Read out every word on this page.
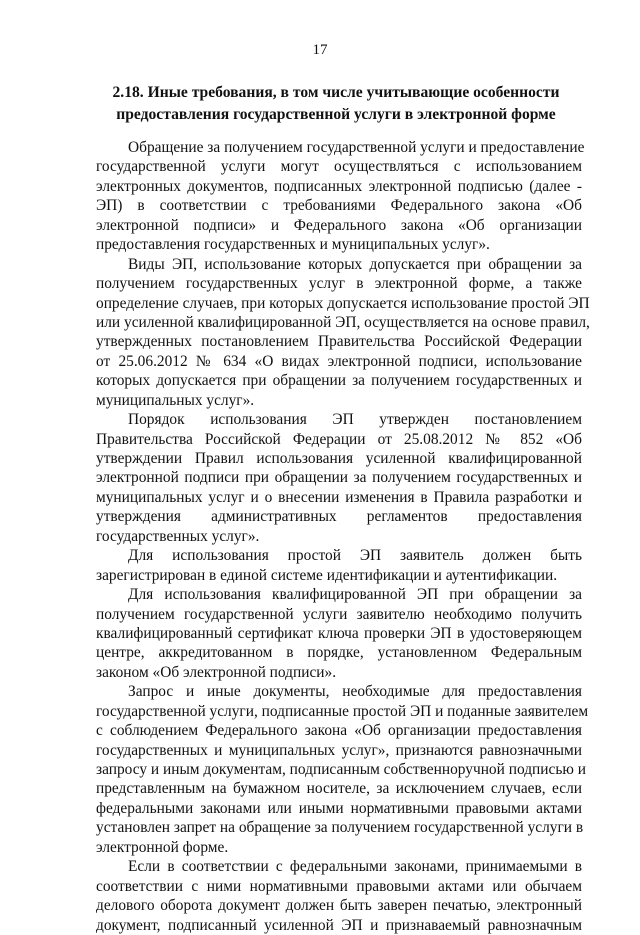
17
2.18. Иные требования, в том числе учитывающие особенности
предоставления государственной услуги в электронной форме
Обращение за получением государственной услуги и предоставление
государственной услуги могут осуществляться с использованием
электронных документов, подписанных электронной подписью (далее -
ЭП) в соответствии с требованиями Федерального закона «Об
электронной подписи» и Федерального закона «Об организации
предоставления государственных и муниципальных услуг».
Виды ЭП, использование которых допускается при обращении за
получением государственных услуг в электронной форме, а также
определение случаев, при которых допускается использование простой ЭП
или усиленной квалифицированной ЭП, осуществляется на основе правил,
утвержденных постановлением Правительства Российской Федерации
от 25.06.2012 № 634 «О видах электронной подписи, использование
которых допускается при обращении за получением государственных и
муниципальных услуг».
Порядок использования ЭП утвержден постановлением
Правительства Российской Федерации от 25.08.2012 № 852 «Об
утверждении Правил использования усиленной квалифицированной
электронной подписи при обращении за получением государственных и
муниципальных услуг и о внесении изменения в Правила разработки и
утверждения административных регламентов предоставления
государственных услуг».
Для использования простой ЭП заявитель должен быть
зарегистрирован в единой системе идентификации и аутентификации.
Для использования квалифицированной ЭП при обращении за
получением государственной услуги заявителю необходимо получить
квалифицированный сертификат ключа проверки ЭП в удостоверяющем
центре, аккредитованном в порядке, установленном Федеральным
законом «Об электронной подписи».
Запрос и иные документы, необходимые для предоставления
государственной услуги, подписанные простой ЭП и поданные заявителем
с соблюдением Федерального закона «Об организации предоставления
государственных и муниципальных услуг», признаются равнозначными
запросу и иным документам, подписанным собственноручной подписью и
представленным на бумажном носителе, за исключением случаев, если
федеральными законами или иными нормативными правовыми актами
установлен запрет на обращение за получением государственной услуги в
электронной форме.
Если в соответствии с федеральными законами, принимаемыми в
соответствии с ними нормативными правовыми актами или обычаем
делового оборота документ должен быть заверен печатью, электронный
документ, подписанный усиленной ЭП и признаваемый равнозначным
